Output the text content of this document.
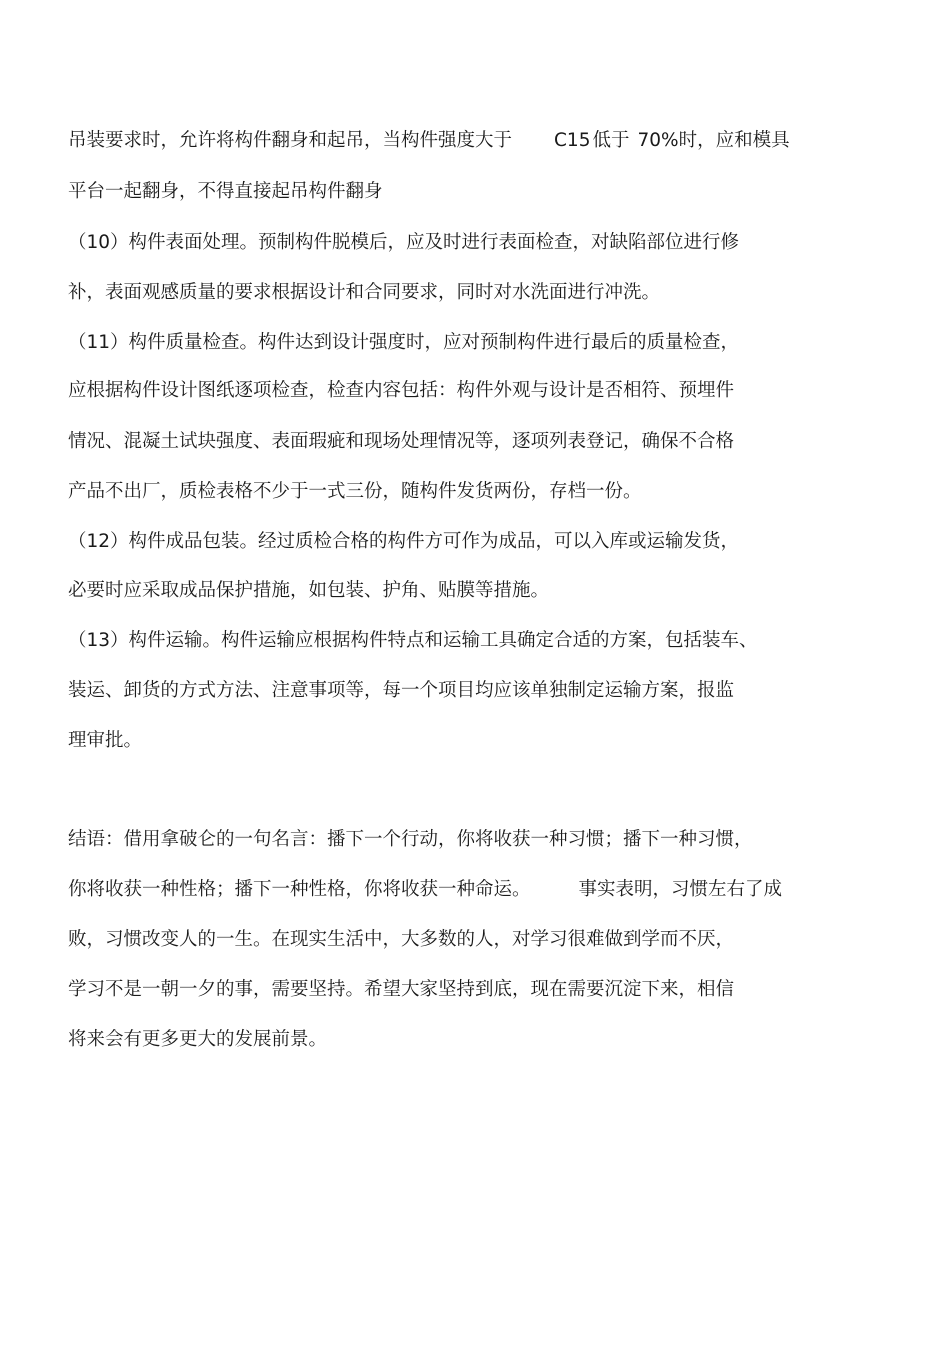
吊装要求时，允许将构件翻身和起吊，当构件强度大于 C15 低于 70%时，应和模具
平台一起翻身，不得直接起吊构件翻身
（10）构件表面处理。预制构件脱模后，应及时进行表面检查，对缺陷部位进行修
补，表面观感质量的要求根据设计和合同要求，同时对水洗面进行冲洗。
（11）构件质量检查。构件达到设计强度时，应对预制构件进行最后的质量检查，
应根据构件设计图纸逐项检查，检查内容包括：构件外观与设计是否相符、预埋件
情况、混凝土试块强度、表面瑕疵和现场处理情况等，逐项列表登记，确保不合格
产品不出厂，质检表格不少于一式三份，随构件发货两份，存档一份。
（12）构件成品包装。经过质检合格的构件方可作为成品，可以入库或运输发货，
必要时应采取成品保护措施，如包装、护角、贴膜等措施。
（13）构件运输。构件运输应根据构件特点和运输工具确定合适的方案，包括装车、
装运、卸货的方式方法、注意事项等，每一个项目均应该单独制定运输方案，报监
理审批。
结语：借用拿破仑的一句名言：播下一个行动，你将收获一种习惯；播下一种习惯，
你将收获一种性格；播下一种性格，你将收获一种命运。	事实表明，习惯左右了成
败，习惯改变人的一生。在现实生活中，大多数的人，对学习很难做到学而不厌，
学习不是一朝一夕的事，需要坚持。希望大家坚持到底，现在需要沉淀下来，相信
将来会有更多更大的发展前景。
